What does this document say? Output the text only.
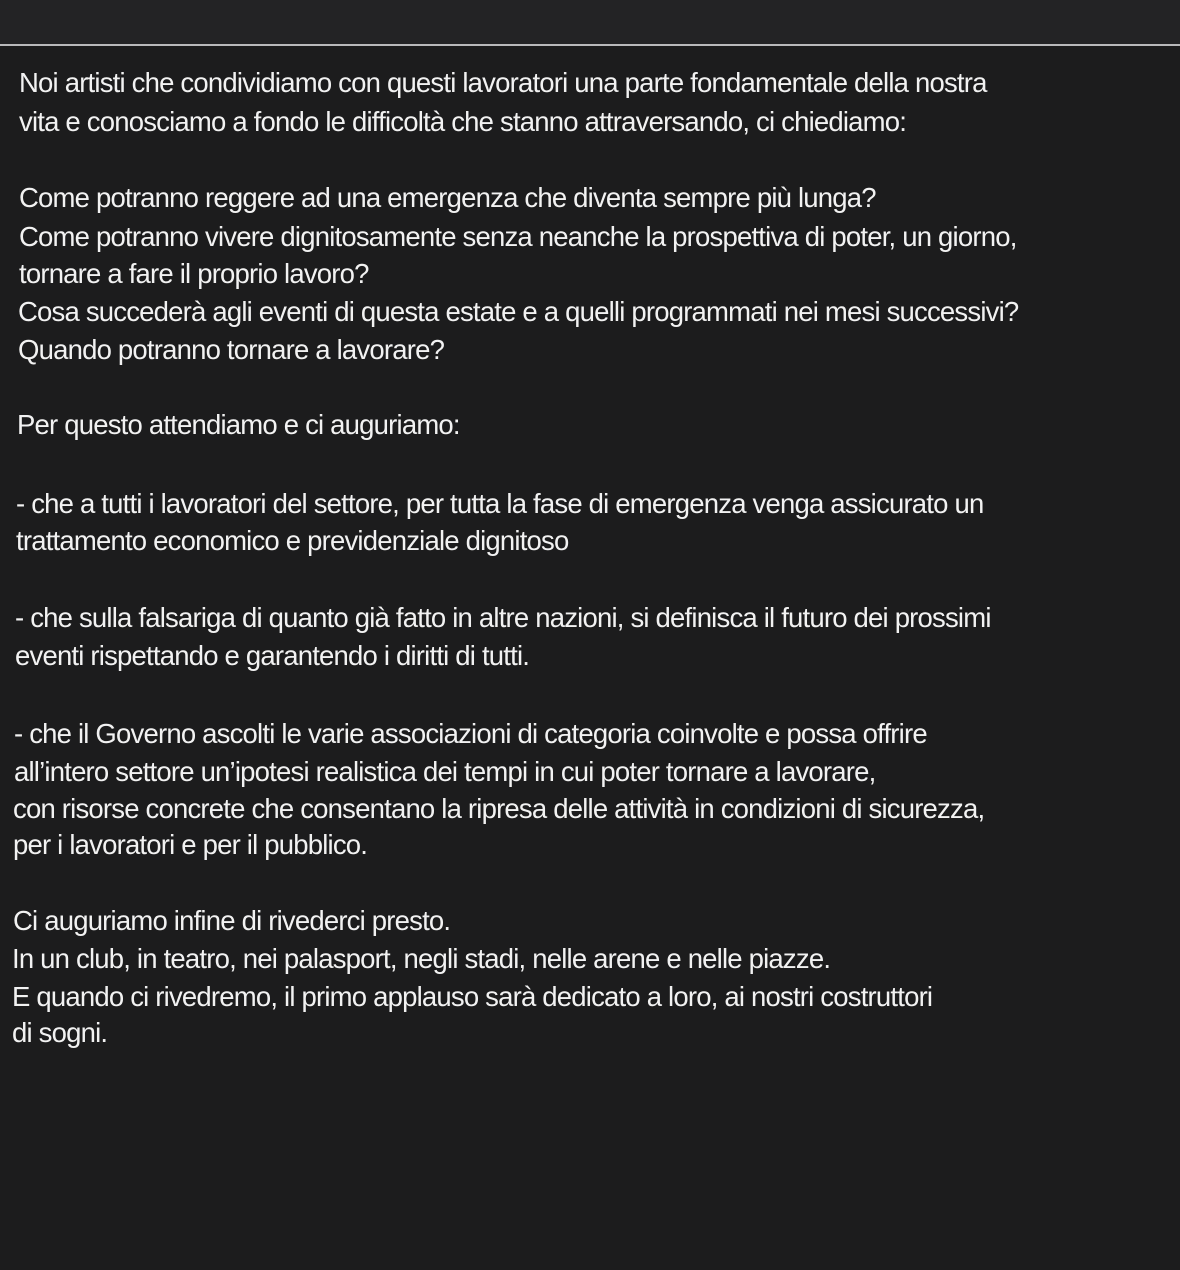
Noi artisti che condividiamo con questi lavoratori una parte fondamentale della nostra
vita e conosciamo a fondo le difficoltà che stanno attraversando, ci chiediamo:
Come potranno reggere ad una emergenza che diventa sempre più lunga?
Come potranno vivere dignitosamente senza neanche la prospettiva di poter, un giorno,
tornare a fare il proprio lavoro?
Cosa succederà agli eventi di questa estate e a quelli programmati nei mesi successivi?
Quando potranno tornare a lavorare?
Per questo attendiamo e ci auguriamo:
- che a tutti i lavoratori del settore, per tutta la fase di emergenza venga assicurato un
trattamento economico e previdenziale dignitoso
- che sulla falsariga di quanto già fatto in altre nazioni, si definisca il futuro dei prossimi
eventi rispettando e garantendo i diritti di tutti.
- che il Governo ascolti le varie associazioni di categoria coinvolte e possa offrire
all’intero settore un’ipotesi realistica dei tempi in cui poter tornare a lavorare,
con risorse concrete che consentano la ripresa delle attività in condizioni di sicurezza,
per i lavoratori e per il pubblico.
Ci auguriamo infine di rivederci presto.
In un club, in teatro, nei palasport, negli stadi, nelle arene e nelle piazze.
E quando ci rivedremo, il primo applauso sarà dedicato a loro, ai nostri costruttori
di sogni.
